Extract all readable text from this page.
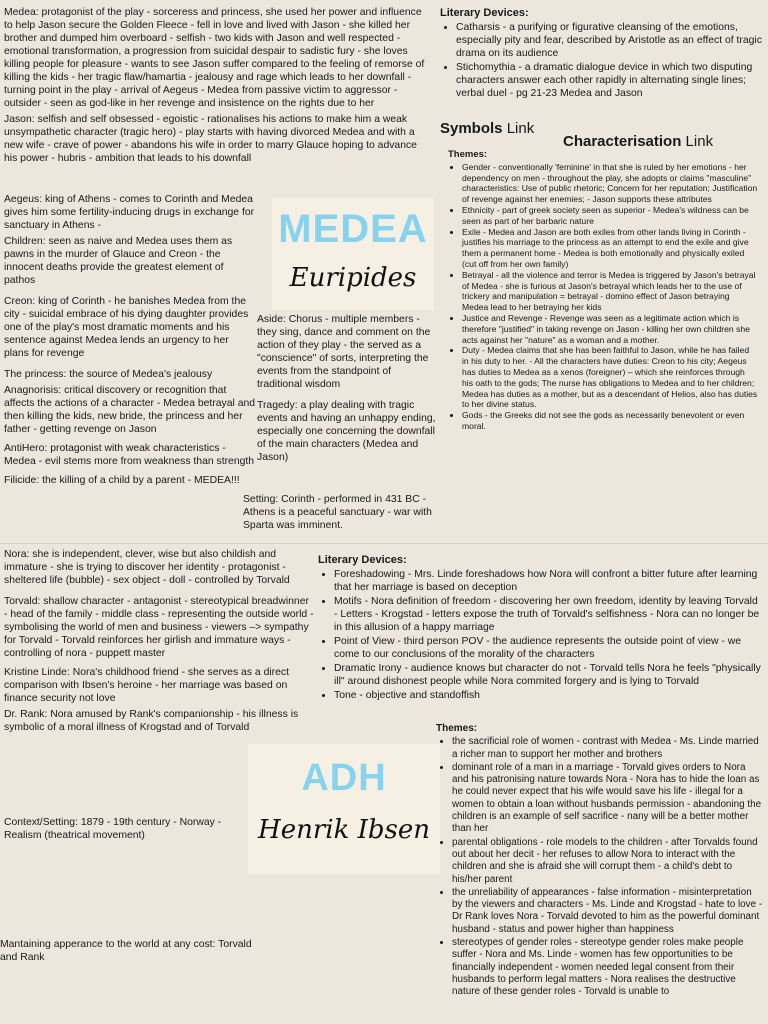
Medea: protagonist of the play - sorceress and princess, she used her power and influence to help Jason secure the Golden Fleece - fell in love and lived with Jason - she killed her brother and dumped him overboard - selfish - two kids with Jason and well respected - emotional transformation, a progression from suicidal despair to sadistic fury - she loves killing people for pleasure - wants to see Jason suffer compared to the feeling of remorse of killing the kids - her tragic flaw/hamartia - jealousy and rage which leads to her downfall - turning point in the play - arrival of Aegeus - Medea from passive victim to aggressor - outsider - seen as god-like in her revenge and insistence on the rights due to her

Jason: selfish and self obsessed - egoistic - rationalises his actions to make him a weak unsympathetic character (tragic hero) - play starts with having divorced Medea and with a new wife - crave of power - abandons his wife in order to marry Glauce hoping to advance his power - hubris - ambition that leads to his downfall

Aegeus: king of Athens - comes to Corinth and Medea gives him some fertility-inducing drugs in exchange for sanctuary in Athens -

Children: seen as naive and Medea uses them as pawns in the murder of Glauce and Creon - the innocent deaths provide the greatest element of pathos

Creon: king of Corinth - he banishes Medea from the city - suicidal embrace of his dying daughter provides one of the play's most dramatic moments and his sentence against Medea lends an urgency to her plans for revenge

The princess: the source of Medea's jealousy

Anagnorisis: critical discovery or recognition that affects the actions of a character - Medea betrayal and then killing the kids, new bride, the princess and her father - getting revenge on Jason

AntiHero: protagonist with weak characteristics - Medea - evil stems more from weakness than strength

Filicide: the killing of a child by a parent - MEDEA!!!

MEDEA
Euripides

Aside: Chorus - multiple members - they sing, dance and comment on the action of they play - the served as a "conscience" of sorts, interpreting the events from the standpoint of traditional wisdom

Tragedy: a play dealing with tragic events and having an unhappy ending, especially one concerning the downfall of the main characters (Medea and Jason)

Setting: Corinth - performed in 431 BC - Athens is a peaceful sanctuary - war with Sparta was imminent.
Literary Devices:
• Catharsis - a purifying or figurative cleansing of the emotions, especially pity and fear, described by Aristotle as an effect of tragic drama on its audience
• Stichomythia - a dramatic dialogue device in which two disputing characters answer each other rapidly in alternating single lines; verbal duel - pg 21-23 Medea and Jason
Symbols Link
Characterisation Link
Themes:
• Gender - conventionally 'feminine' in that she is ruled by her emotions - her dependency on men - throughout the play, she adopts or claims "masculine" characteristics: Use of public rhetoric; Concern for her reputation; Justification of revenge against her enemies; - Jason supports these attributes
• Ethnicity - part of greek society seen as superior - Medea's wildness can be seen as part of her barbaric nature
• Exile - Medea and Jason are both exiles from other lands living in Corinth - justifies his marriage to the princess as an attempt to end the exile and give them a permanent home - Medea is both emotionally and physically exiled (cut off from her own family)
• Betrayal - all the violence and terror is Medea is triggered by Jason's betrayal of Medea - she is furious at Jason's betrayal which leads her to the use of trickery and manipulation = betrayal - domino effect of Jason betraying Medea lead to her betraying her kids
• Justice and Revenge - Revenge was seen as a legitimate action which is therefore "justified" in taking revenge on Jason - killing her own children she acts against her "nature" as a woman and a mother.
• Duty - Medea claims that she has been faithful to Jason, while he has failed in his duty to her. - All the characters have duties: Creon to his city; Aegeus has duties to Medea as a xenos (foreigner) – which she reinforces through his oath to the gods; The nurse has obligations to Medea and to her children; Medea has duties as a mother, but as a descendant of Helios, also has duties to her divine status.
• Gods - the Greeks did not see the gods as necessarily benevolent or even moral.

Nora: she is independent, clever, wise but also childish and immature - she is trying to discover her identity - protagonist - sheltered life (bubble) - sex object - doll - controlled by Torvald

Torvald: shallow character - antagonist - stereotypical breadwinner - head of the family - middle class - representing the outside world - symbolising the world of men and business - viewers –> sympathy for Torvald - Torvald reinforces her girlish and immature ways - controlling of nora - puppett master

Kristine Linde: Nora's childhood friend - she serves as a direct comparison with Ibsen's heroine - her marriage was based on finance security not love

Dr. Rank: Nora amused by Rank's companionship - his illness is symbolic of a moral illness of Krogstad and of Torvald

Context/Setting: 1879 - 19th century - Norway - Realism (theatrical movement)
Mantaining apperance to the world at any cost: Torvald and Rank
ADH
Henrik Ibsen
Literary Devices:
• Foreshadowing - Mrs. Linde foreshadows how Nora will confront a bitter future after learning that her marriage is based on deception
• Motifs - Nora definition of freedom - discovering her own freedom, identity by leaving Torvald - Letters - Krogstad - letters expose the truth of Torvald's selfishness - Nora can no longer be in this allusion of a happy marriage
• Point of View - third person POV - the audience represents the outside point of view - we come to our conclusions of the morality of the characters
• Dramatic Irony - audience knows but character do not - Torvald tells Nora he feels "physically ill" around dishonest people while Nora commited forgery and is lying to Torvald
• Tone - objective and standoffish
Themes:
• the sacrificial role of women - contrast with Medea - Ms. Linde married a richer man to support her mother and brothers
• dominant role of a man in a marriage - Torvald gives orders to Nora and his patronising nature towards Nora - Nora has to hide the loan as he could never expect that his wife would save his life - illegal for a women to obtain a loan without husbands permission - abandoning the children is an example of self sacrifice - nany will be a better mother than her
• parental obligations - role models to the children - after Torvalds found out about her decit - her refuses to allow Nora to interact with the children and she is afraid she will corrupt them - a child's debt to his/her parent
• the unreliability of appearances - false information - misinterpretation by the viewers and characters - Ms. Linde and Krogstad - hate to love - Dr Rank loves Nora - Torvald devoted to him as the powerful dominant husband - status and power higher than happiness
• stereotypes of gender roles - stereotype gender roles make people suffer - Nora and Ms. Linde - women has few opportunities to be financially independent - women needed legal consent from their husbands to perform legal matters - Nora realises the destructive nature of these gender roles - Torvald is unable to
